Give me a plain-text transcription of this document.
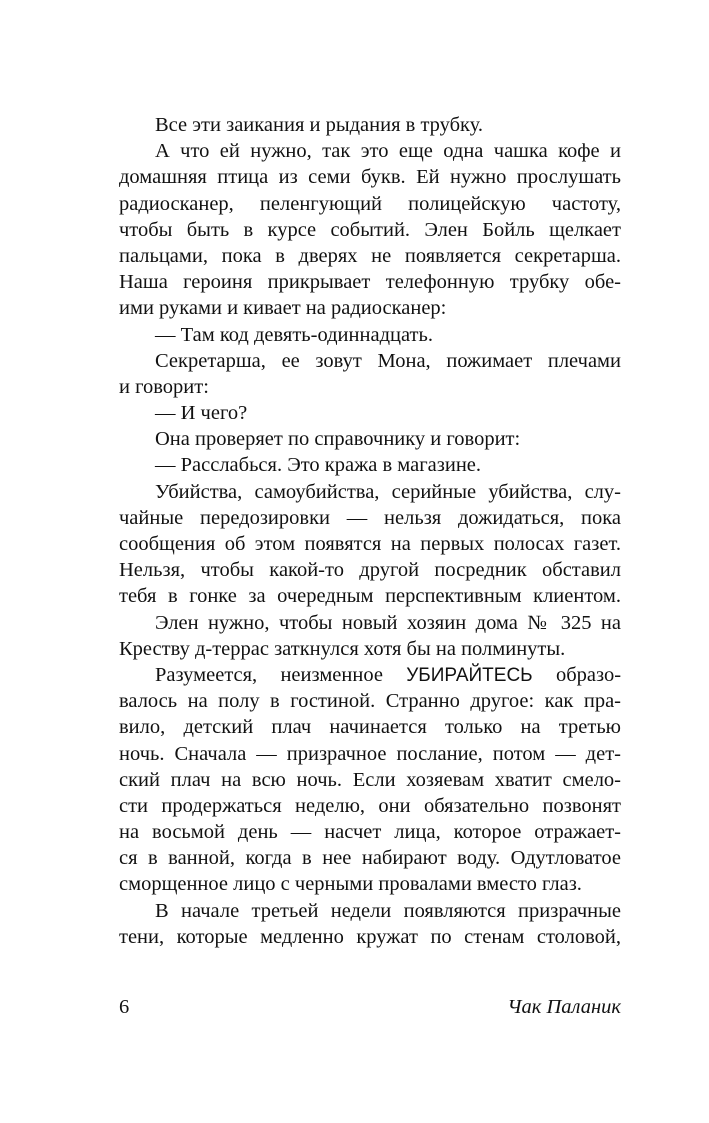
Все эти заикания и рыдания в трубку.
А что ей нужно, так это еще одна чашка кофе и
домашняя птица из семи букв. Ей нужно прослушать
радиосканер, пеленгующий полицейскую частоту,
чтобы быть в курсе событий. Элен Бойль щелкает
пальцами, пока в дверях не появляется секретарша.
Наша героиня прикрывает телефонную трубку обе-
ими руками и кивает на радиосканер:
— Там код девять-одиннадцать.
Секретарша, ее зовут Мона, пожимает плечами
и говорит:
— И чего?
Она проверяет по справочнику и говорит:
— Расслабься. Это кража в магазине.
Убийства, самоубийства, серийные убийства, слу-
чайные передозировки — нельзя дожидаться, пока
сообщения об этом появятся на первых полосах газет.
Нельзя, чтобы какой-то другой посредник обставил
тебя в гонке за очередным перспективным клиентом.
Элен нужно, чтобы новый хозяин дома № 325 на
Креству д-террас заткнулся хотя бы на полминуты.
Разумеется, неизменное УБИРАЙТЕСЬ образо-
валось на полу в гостиной. Странно другое: как пра-
вило, детский плач начинается только на третью
ночь. Сначала — призрачное послание, потом — дет-
ский плач на всю ночь. Если хозяевам хватит смело-
сти продержаться неделю, они обязательно позвонят
на восьмой день — насчет лица, которое отражает-
ся в ванной, когда в нее набирают воду. Одутловатое
сморщенное лицо с черными провалами вместо глаз.
В начале третьей недели появляются призрачные
тени, которые медленно кружат по стенам столовой,
6	Чак Паланик
